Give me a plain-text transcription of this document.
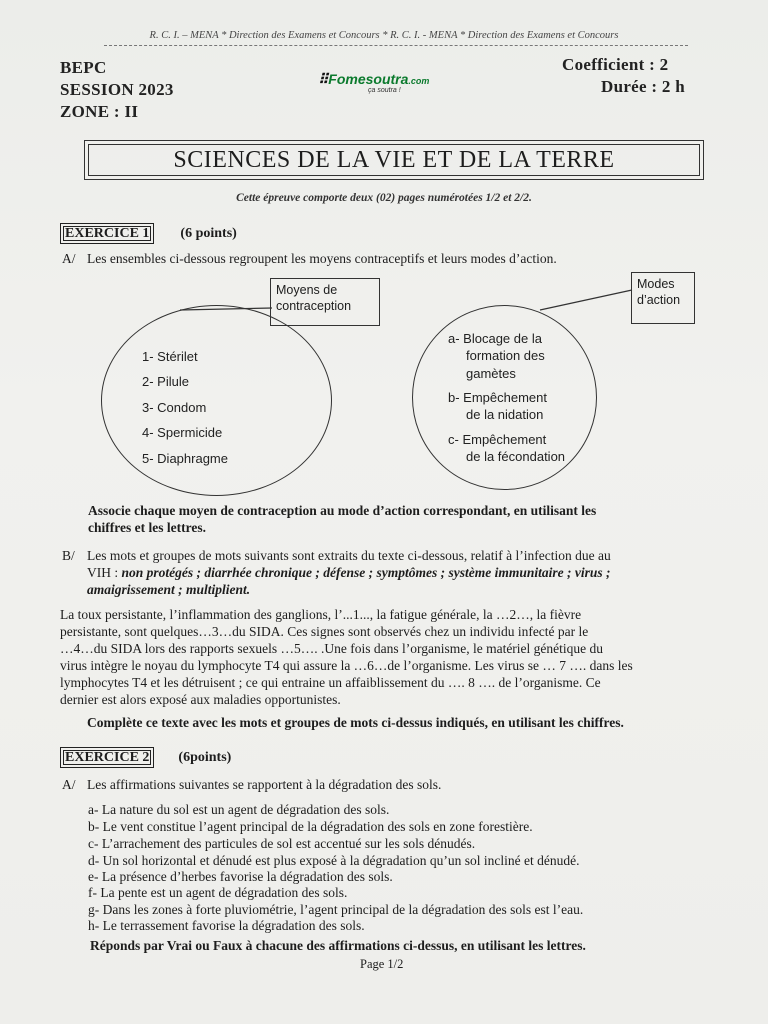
R. C. I. – MENA * Direction des Examens et Concours * R. C. I. - MENA * Direction des Examens et Concours
BEPC
SESSION 2023
ZONE : II
Coefficient : 2
Durée : 2 h
⠿Fomesoutra.com
ça soutra !
SCIENCES DE LA VIE ET DE LA TERRE
Cette épreuve comporte deux (02) pages numérotées 1/2 et 2/2.
EXERCICE 1 (6 points)
A/ Les ensembles ci-dessous regroupent les moyens contraceptifs et leurs modes d’action.
Moyens de contraception
Modes d’action
1- Stérilet
2- Pilule
3- Condom
4- Spermicide
5- Diaphragme
a- Blocage de la
formation des
gamètes
b- Empêchement
de la nidation
c- Empêchement
de la fécondation
Associe chaque moyen de contraception au mode d’action correspondant, en utilisant les
chiffres et les lettres.
B/ Les mots et groupes de mots suivants sont extraits du texte ci-dessous, relatif à l’infection due au
VIH : non protégés ; diarrhée chronique ; défense ; symptômes ; système immunitaire ; virus ;
amaigrissement ; multiplient.
La toux persistante, l’inflammation des ganglions, l’...1..., la fatigue générale, la …2…, la fièvre
persistante, sont quelques…3…du SIDA. Ces signes sont observés chez un individu infecté par le
…4…du SIDA lors des rapports sexuels …5…. .Une fois dans l’organisme, le matériel génétique du
virus intègre le noyau du lymphocyte T4 qui assure la …6…de l’organisme. Les virus se … 7 …. dans les
lymphocytes T4 et les détruisent ; ce qui entraine un affaiblissement du …. 8 …. de l’organisme. Ce
dernier est alors exposé aux maladies opportunistes.
Complète ce texte avec les mots et groupes de mots ci-dessus indiqués, en utilisant les chiffres.
EXERCICE 2 (6points)
A/ Les affirmations suivantes se rapportent à la dégradation des sols.
a- La nature du sol est un agent de dégradation des sols.
b- Le vent constitue l’agent principal de la dégradation des sols en zone forestière.
c- L’arrachement des particules de sol est accentué sur les sols dénudés.
d- Un sol horizontal et dénudé est plus exposé à la dégradation qu’un sol incliné et dénudé.
e- La présence d’herbes favorise la dégradation des sols.
f- La pente est un agent de dégradation des sols.
g- Dans les zones à forte pluviométrie, l’agent principal de la dégradation des sols est l’eau.
h- Le terrassement favorise la dégradation des sols.
Réponds par Vrai ou Faux à chacune des affirmations ci-dessus, en utilisant les lettres.
Page 1/2
